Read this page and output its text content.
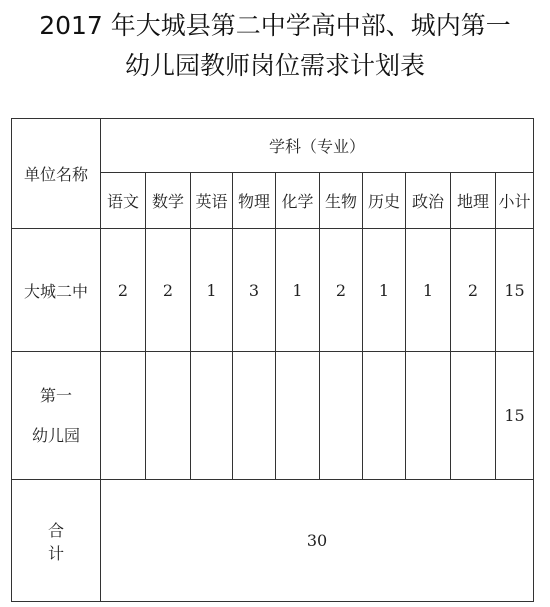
2017 年大城县第二中学高中部、城内第一
幼儿园教师岗位需求计划表
单位名称	学科（专业）									
	语文	数学	英语	物理	化学	生物	历史	政治	地理	小计
大城二中	2	2	1	3	1	2	1	1	2	15

第一
幼儿园										15
合计	30									
